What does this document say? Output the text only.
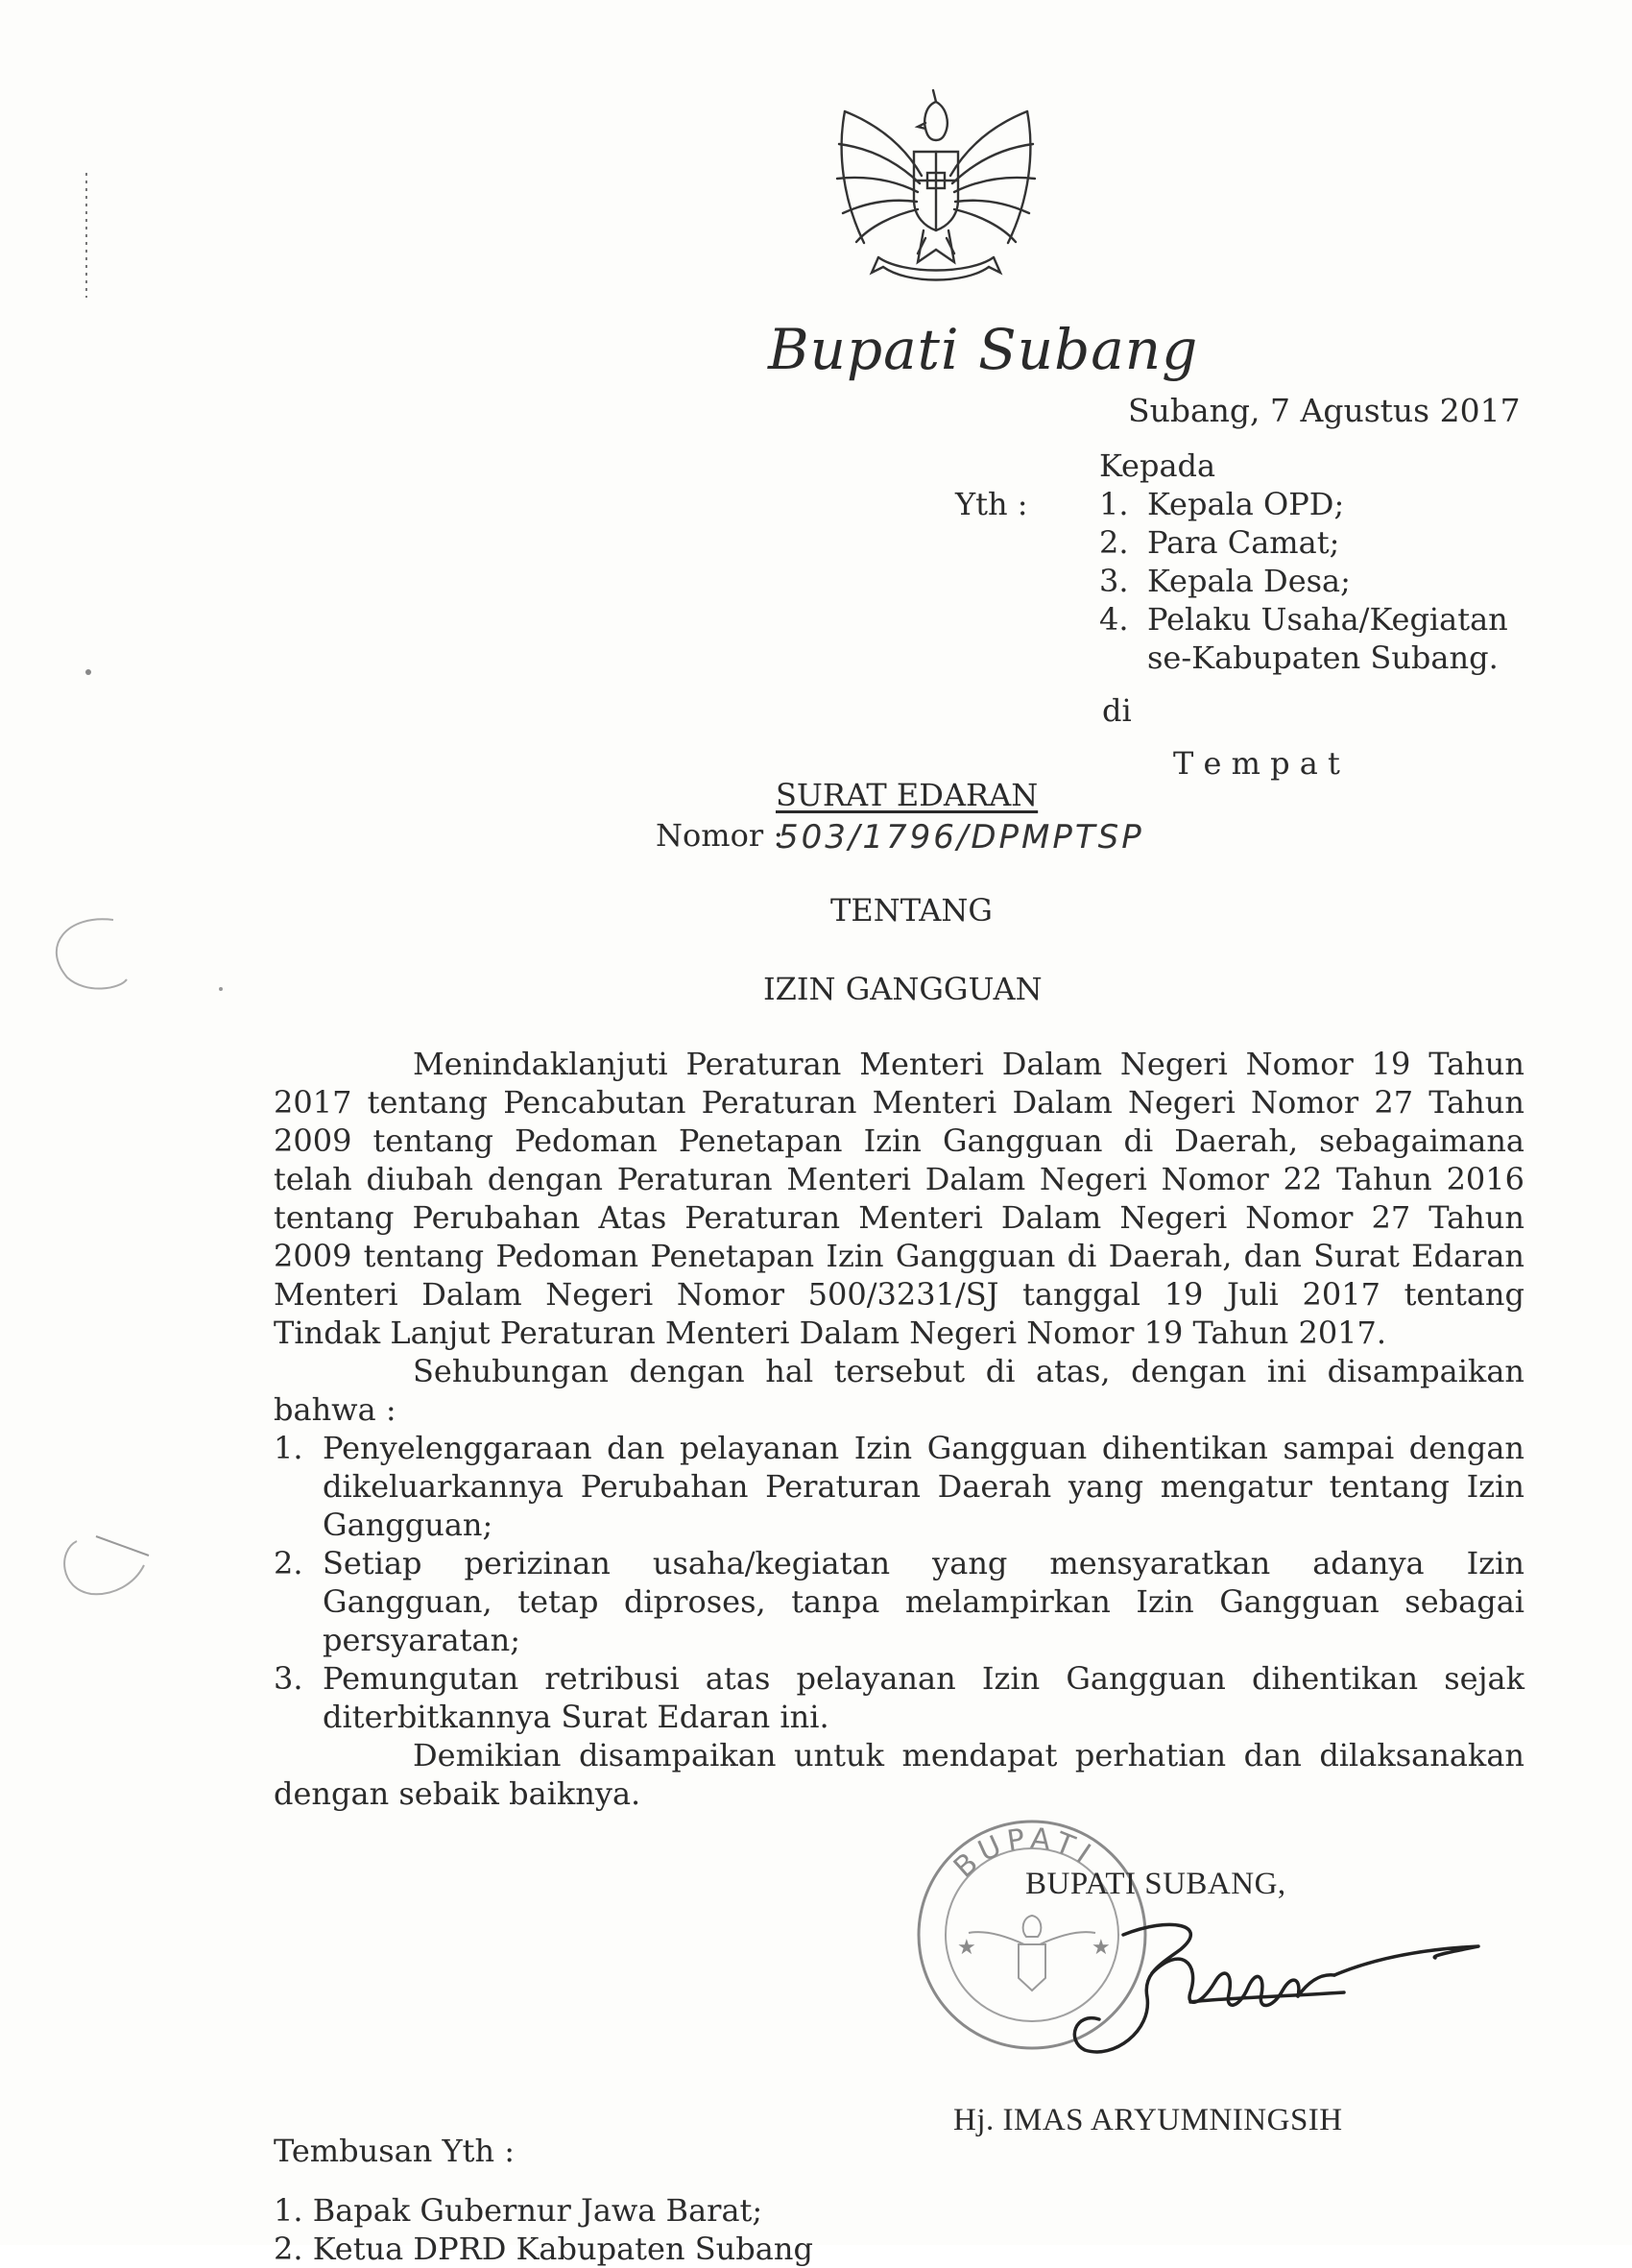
Bupati Subang
Subang, 7 Agustus 2017
Kepada
Yth : 1. Kepala OPD;
2. Para Camat;
3. Kepala Desa;
4. Pelaku Usaha/Kegiatan
se-Kabupaten Subang.
di
T e m p a t
SURAT EDARAN
Nomor :
503/1796/DPMPTSP
TENTANG
IZIN GANGGUAN
Menindaklanjuti Peraturan Menteri Dalam Negeri Nomor 19 Tahun
2017 tentang Pencabutan Peraturan Menteri Dalam Negeri Nomor 27 Tahun
2009 tentang Pedoman Penetapan Izin Gangguan di Daerah, sebagaimana
telah diubah dengan Peraturan Menteri Dalam Negeri Nomor 22 Tahun 2016
tentang Perubahan Atas Peraturan Menteri Dalam Negeri Nomor 27 Tahun
2009 tentang Pedoman Penetapan Izin Gangguan di Daerah, dan Surat Edaran
Menteri Dalam Negeri Nomor 500/3231/SJ tanggal 19 Juli 2017 tentang
Tindak Lanjut Peraturan Menteri Dalam Negeri Nomor 19 Tahun 2017.
Sehubungan dengan hal tersebut di atas, dengan ini disampaikan
bahwa :
1. Penyelenggaraan dan pelayanan Izin Gangguan dihentikan sampai dengan
dikeluarkannya Perubahan Peraturan Daerah yang mengatur tentang Izin
Gangguan;
2. Setiap perizinan usaha/kegiatan yang mensyaratkan adanya Izin
Gangguan, tetap diproses, tanpa melampirkan Izin Gangguan sebagai
persyaratan;
3. Pemungutan retribusi atas pelayanan Izin Gangguan dihentikan sejak
diterbitkannya Surat Edaran ini.
Demikian disampaikan untuk mendapat perhatian dan dilaksanakan
dengan sebaik baiknya.
BUPATI
★	★
BUPATI SUBANG,
Hj. IMAS ARYUMNINGSIH
Tembusan Yth :
1. Bapak Gubernur Jawa Barat;
2. Ketua DPRD Kabupaten Subang
